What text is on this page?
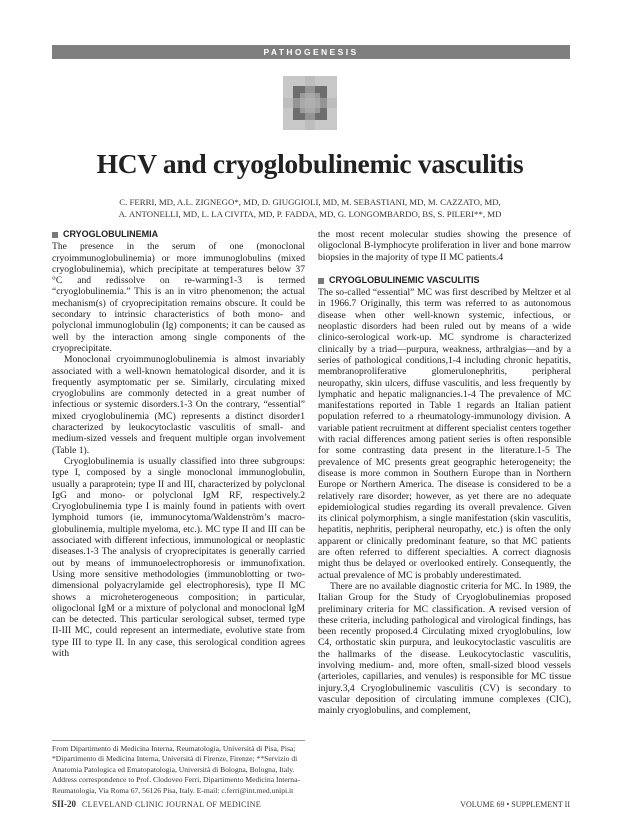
PATHOGENESIS
HCV and cryoglobulinemic vasculitis
C. FERRI, MD, A.L. ZIGNEGO*, MD, D. GIUGGIOLI, MD, M. SEBASTIANI, MD, M. CAZZATO, MD,
A. ANTONELLI, MD, L. LA CIVITA, MD, P. FADDA, MD, G. LONGOMBARDO, BS, S. PILERI**, MD
CRYOGLOBULINEMIA

The presence in the serum of one (monoclonal cryoimmunoglobulinemia) or more immunoglobulins (mixed cryoglobulinemia), which precipitate at temperatures below 37 °C and redissolve on re-warming1-3 is termed “cryoglobulinemia.” This is an in vitro phenomenon; the actual mechanism(s) of cryoprecipitation remains obscure. It could be secondary to intrinsic characteristics of both mono- and polyclonal immunoglobulin (Ig) components; it can be caused as well by the interaction among single components of the cryoprecipitate.

Monoclonal cryoimmunoglobulinemia is almost invariably associated with a well-known hematological disorder, and it is frequently asymptomatic per se. Similarly, circulating mixed cryoglobulins are commonly detected in a great number of infectious or systemic disorders.1-3 On the contrary, “essential” mixed cryoglobulinemia (MC) represents a distinct disorder1 characterized by leukocytoclastic vasculitis of small- and medium-sized vessels and frequent multiple organ involvement (Table 1).

Cryoglobulinemia is usually classified into three subgroups: type I, composed by a single monoclonal immunoglobulin, usually a paraprotein; type II and III, characterized by polyclonal IgG and mono- or polyclonal IgM RF, respectively.2 Cryoglobulinemia type I is mainly found in patients with overt lymphoid tumors (ie, immunocytoma/Waldenström’s macro-globulinemia, multiple myeloma, etc.). MC type II and III can be associated with different infectious, immunological or neoplastic diseases.1-3 The analysis of cryoprecipitates is generally carried out by means of immunoelectrophoresis or immunofixation. Using more sensitive methodologies (immunoblotting or two-dimensional polyacrylamide gel electrophoresis), type II MC shows a microheterogeneous composition; in particular, oligoclonal IgM or a mixture of polyclonal and monoclonal IgM can be detected. This particular serological subset, termed type II-III MC, could represent an intermediate, evolutive state from type III to type II. In any case, this serological condition agrees with

the most recent molecular studies showing the presence of oligoclonal B-lymphocyte proliferation in liver and bone marrow biopsies in the majority of type II MC patients.4

CRYOGLOBULINEMIC VASCULITIS

The so-called “essential” MC was first described by Meltzer et al in 1966.7 Originally, this term was referred to as autonomous disease when other well-known systemic, infectious, or neoplastic disorders had been ruled out by means of a wide clinico-serological work-up. MC syndrome is characterized clinically by a triad—purpura, weakness, arthralgias—and by a series of pathological conditions,1-4 including chronic hepatitis, membranoproliferative glomerulonephritis, peripheral neuropathy, skin ulcers, diffuse vasculitis, and less frequently by lymphatic and hepatic malignancies.1-4 The prevalence of MC manifestations reported in Table 1 regards an Italian patient population referred to a rheumatology-immunology division. A variable patient recruitment at different specialist centers together with racial differences among patient series is often responsible for some contrasting data present in the literature.1-5 The prevalence of MC presents great geographic heterogeneity; the disease is more common in Southern Europe than in Northern Europe or Northern America. The disease is considered to be a relatively rare disorder; however, as yet there are no adequate epidemiological studies regarding its overall prevalence. Given its clinical polymorphism, a single manifestation (skin vasculitis, hepatitis, nephritis, peripheral neuropathy, etc.) is often the only apparent or clinically predominant feature, so that MC patients are often referred to different specialties. A correct diagnosis might thus be delayed or overlooked entirely. Consequently, the actual prevalence of MC is probably underestimated.

There are no available diagnostic criteria for MC. In 1989, the Italian Group for the Study of Cryoglobulinemias proposed preliminary criteria for MC classification. A revised version of these criteria, including pathological and virological findings, has been recently proposed.4 Circulating mixed cryoglobulins, low C4, orthostatic skin purpura, and leukocytoclastic vasculitis are the hallmarks of the disease. Leukocytoclastic vasculitis, involving medium- and, more often, small-sized blood vessels (arterioles, capillaries, and venules) is responsible for MC tissue injury.3,4 Cryoglobulinemic vasculitis (CV) is secondary to vascular deposition of circulating immune complexes (CIC), mainly cryoglobulins, and complement,

From Dipartimento di Medicina Interna, Reumatologia, Università di Pisa, Pisa; *Dipartimento di Medicina Interna, Università di Firenze, Firenze; **Servizio di Anatomia Patologica ed Ematopatologia, Università di Bologna, Bologna, Italy.
Address correspondence to Prof. Clodoveo Ferri, Dipartimento Medicina Interna-Reumatologia, Via Roma 67, 56126 Pisa, Italy. E-mail: c.ferri@int.med.unipi.it
SII-20 CLEVELAND CLINIC JOURNAL OF MEDICINE	VOLUME 69 • SUPPLEMENT II
